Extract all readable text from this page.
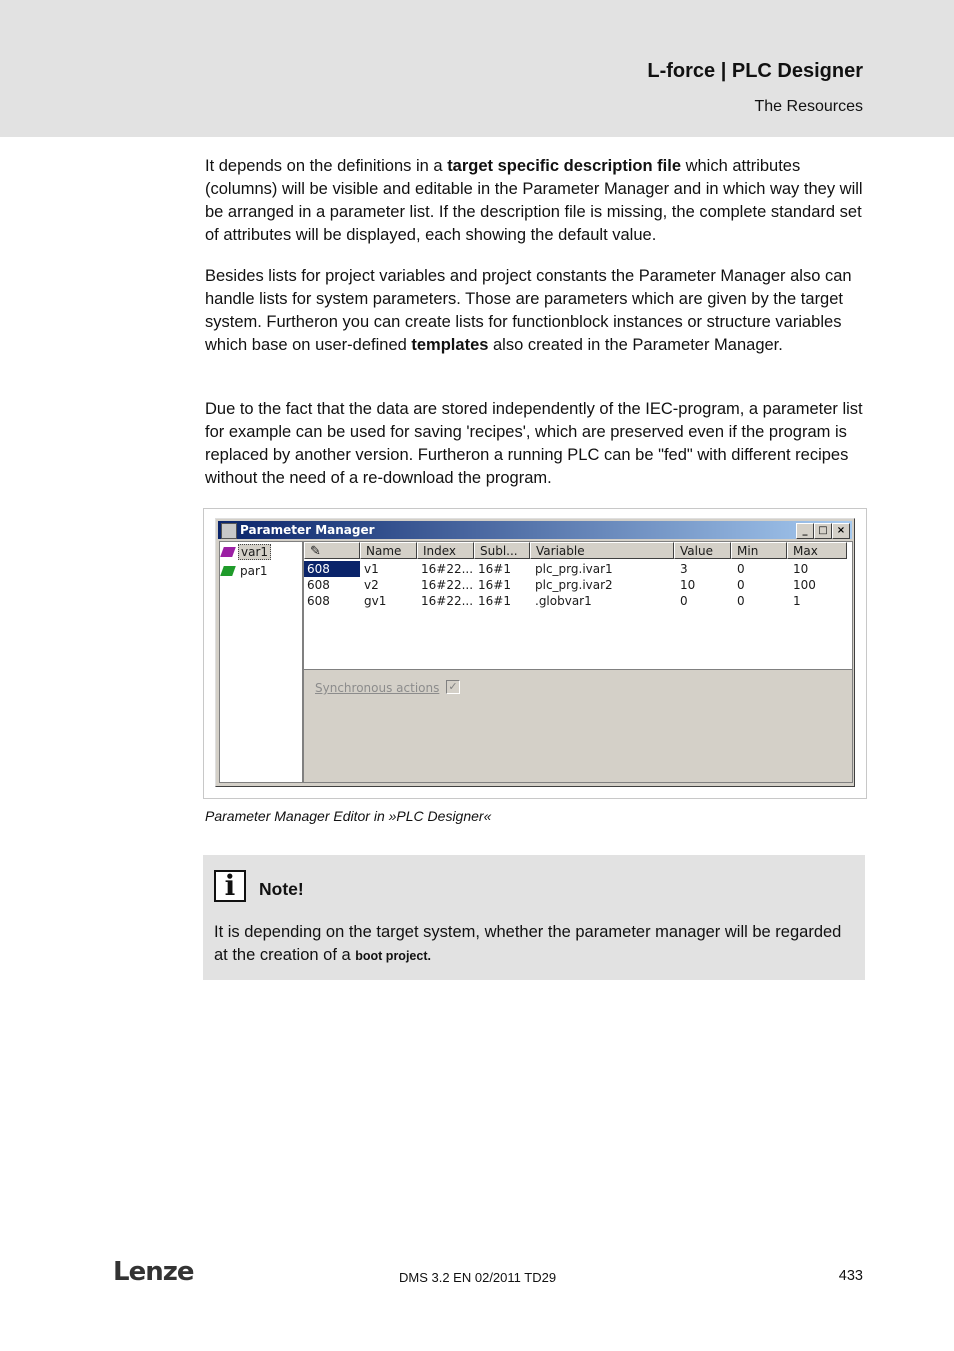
L-force | PLC Designer
The Resources

It depends on the definitions in a target specific description file which attributes (columns) will be visible and editable in the Parameter Manager and in which way they will be arranged in a parameter list. If the description file is missing, the complete standard set of attributes will be displayed, each showing the default value.

Besides lists for project variables and project constants the Parameter Manager also can handle lists for system parameters. Those are parameters which are given by the target system. Furtheron you can create lists for functionblock instances or structure variables which base on user-defined templates also created in the Parameter Manager.

Due to the fact that the data are stored independently of the IEC-program, a parameter list for example can be used for saving 'recipes', which are preserved even if the program is replaced by another version. Furtheron a running PLC can be "fed" with different recipes without the need of a re-download the program.

Parameter Manager	_	□ ×
var1
par1
✎	Name	Index	Subl...	Variable	Value	Min	Max
608	v1	16#22... 16#1	plc_prg.ivar1	3	0	10
608	v2	16#22... 16#1	plc_prg.ivar2	10	0	100
608	gv1	16#22... 16#1	.globvar1	0	0	1
Synchronous actions ✓
Parameter Manager Editor in »PLC Designer«
i	Note!

It is depending on the target system, whether the parameter manager will be regarded at the creation of a boot project.

Lenze	DMS 3.2 EN 02/2011 TD29	433
